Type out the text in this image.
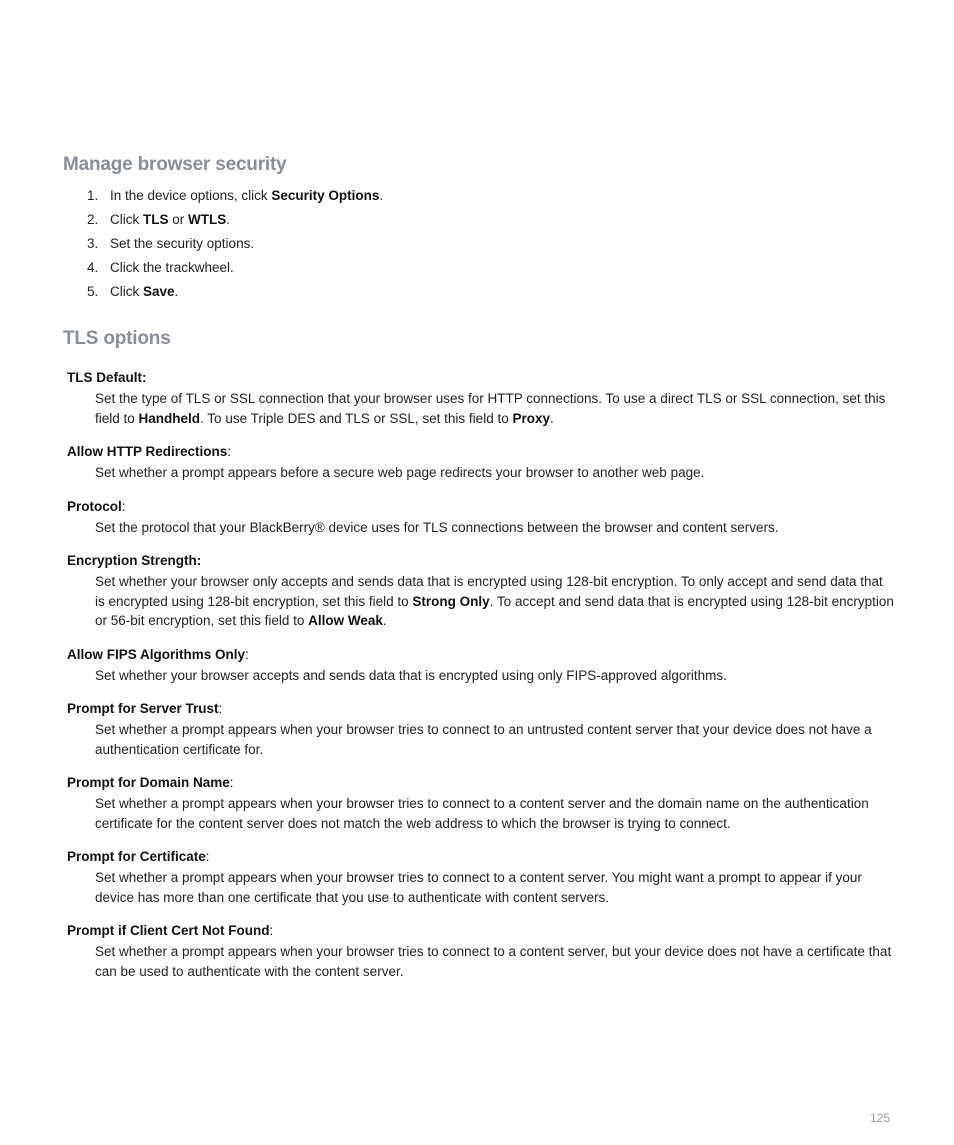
Manage browser security
1. In the device options, click Security Options.
2. Click TLS or WTLS.
3. Set the security options.
4. Click the trackwheel.
5. Click Save.
TLS options
TLS Default:
Set the type of TLS or SSL connection that your browser uses for HTTP connections. To use a direct TLS or SSL connection, set this field to Handheld. To use Triple DES and TLS or SSL, set this field to Proxy.
Allow HTTP Redirections:
Set whether a prompt appears before a secure web page redirects your browser to another web page.
Protocol:
Set the protocol that your BlackBerry® device uses for TLS connections between the browser and content servers.
Encryption Strength:
Set whether your browser only accepts and sends data that is encrypted using 128-bit encryption. To only accept and send data that is encrypted using 128-bit encryption, set this field to Strong Only. To accept and send data that is encrypted using 128-bit encryption or 56-bit encryption, set this field to Allow Weak.
Allow FIPS Algorithms Only:
Set whether your browser accepts and sends data that is encrypted using only FIPS-approved algorithms.
Prompt for Server Trust:
Set whether a prompt appears when your browser tries to connect to an untrusted content server that your device does not have a authentication certificate for.
Prompt for Domain Name:
Set whether a prompt appears when your browser tries to connect to a content server and the domain name on the authentication certificate for the content server does not match the web address to which the browser is trying to connect.
Prompt for Certificate:
Set whether a prompt appears when your browser tries to connect to a content server. You might want a prompt to appear if your device has more than one certificate that you use to authenticate with content servers.
Prompt if Client Cert Not Found:
Set whether a prompt appears when your browser tries to connect to a content server, but your device does not have a certificate that can be used to authenticate with the content server.
125
